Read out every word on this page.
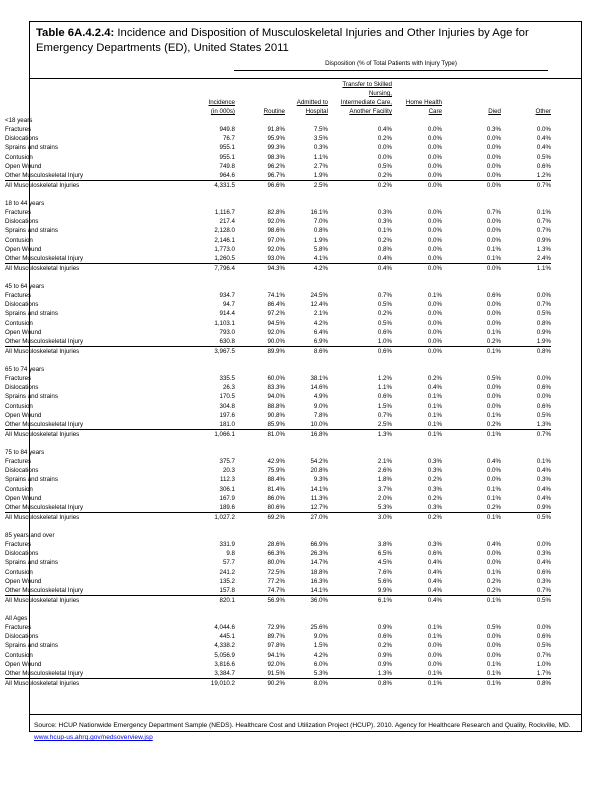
Table 6A.4.2.4: Incidence and Disposition of Musculoskeletal Injuries and Other Injuries by Age for Emergency Departments (ED), United States 2011
Disposition (% of Total Patients with Injury Type)
	Incidence
(in 000s)	Routine	Admitted to
Hospital	Transfer to Skilled
Nursing,
Intermediate Care,
Another Facility	Home Health
Care	Died	Other
<18 years							
Fractures	949.8	91.8%	7.5%	0.4%	0.0%	0.3%	0.0%
Dislocations	76.7	95.9%	3.5%	0.2%	0.0%	0.0%	0.4%
Sprains and strains	955.1	99.3%	0.3%	0.0%	0.0%	0.0%	0.4%
Contusion	955.1	98.3%	1.1%	0.0%	0.0%	0.0%	0.5%
Open Wound	749.8	96.2%	2.7%	0.5%	0.0%	0.0%	0.6%
Other Musculoskeletal Injury	964.6	96.7%	1.9%	0.2%	0.0%	0.0%	1.2%
All Musculoskeletal Injuries	4,331.5	96.6%	2.5%	0.2%	0.0%	0.0%	0.7%

18 to 44 years							
Fractures	1,116.7	82.8%	16.1%	0.3%	0.0%	0.7%	0.1%
Dislocations	217.4	92.0%	7.0%	0.3%	0.0%	0.0%	0.7%
Sprains and strains	2,128.0	98.6%	0.8%	0.1%	0.0%	0.0%	0.7%
Contusion	2,146.1	97.0%	1.9%	0.2%	0.0%	0.0%	0.9%
Open Wound	1,773.0	92.0%	5.8%	0.8%	0.0%	0.1%	1.3%
Other Musculoskeletal Injury	1,260.5	93.0%	4.1%	0.4%	0.0%	0.1%	2.4%
All Musculoskeletal Injuries	7,796.4	94.3%	4.2%	0.4%	0.0%	0.0%	1.1%

45 to 64 years							
Fractures	934.7	74.1%	24.5%	0.7%	0.1%	0.6%	0.0%
Dislocations	94.7	86.4%	12.4%	0.5%	0.0%	0.0%	0.7%
Sprains and strains	914.4	97.2%	2.1%	0.2%	0.0%	0.0%	0.5%
Contusion	1,103.1	94.5%	4.2%	0.5%	0.0%	0.0%	0.8%
Open Wound	793.0	92.0%	6.4%	0.6%	0.0%	0.1%	0.9%
Other Musculoskeletal Injury	630.8	90.0%	6.9%	1.0%	0.0%	0.2%	1.9%
All Musculoskeletal Injuries	3,967.5	89.9%	8.6%	0.6%	0.0%	0.1%	0.8%

65 to 74 years							
Fractures	335.5	60.0%	38.1%	1.2%	0.2%	0.5%	0.0%
Dislocations	26.3	83.3%	14.6%	1.1%	0.4%	0.0%	0.6%
Sprains and strains	170.5	94.0%	4.9%	0.6%	0.1%	0.0%	0.0%
Contusion	304.8	88.8%	9.0%	1.5%	0.1%	0.0%	0.6%
Open Wound	197.6	90.8%	7.8%	0.7%	0.1%	0.1%	0.5%
Other Musculoskeletal Injury	181.0	85.9%	10.0%	2.5%	0.1%	0.2%	1.3%
All Musculoskeletal Injuries	1,066.1	81.0%	16.8%	1.3%	0.1%	0.1%	0.7%

75 to 84 years							
Fractures	375.7	42.9%	54.2%	2.1%	0.3%	0.4%	0.1%
Dislocations	20.3	75.9%	20.8%	2.6%	0.3%	0.0%	0.4%
Sprains and strains	112.3	88.4%	9.3%	1.8%	0.2%	0.0%	0.3%
Contusion	306.1	81.4%	14.1%	3.7%	0.3%	0.1%	0.4%
Open Wound	167.9	86.0%	11.3%	2.0%	0.2%	0.1%	0.4%
Other Musculoskeletal Injury	189.6	80.6%	12.7%	5.3%	0.3%	0.2%	0.9%
All Musculoskeletal Injuries	1,027.2	69.2%	27.0%	3.0%	0.2%	0.1%	0.5%

85 years and over							
Fractures	331.9	28.6%	66.9%	3.8%	0.3%	0.4%	0.0%
Dislocations	9.8	66.3%	26.3%	6.5%	0.6%	0.0%	0.3%
Sprains and strains	57.7	80.0%	14.7%	4.5%	0.4%	0.0%	0.4%
Contusion	241.2	72.5%	18.8%	7.6%	0.4%	0.1%	0.6%
Open Wound	135.2	77.2%	16.3%	5.6%	0.4%	0.2%	0.3%
Other Musculoskeletal Injury	157.8	74.7%	14.1%	9.9%	0.4%	0.2%	0.7%
All Musculoskeletal Injuries	820.1	56.9%	36.0%	6.1%	0.4%	0.1%	0.5%

All Ages							
Fractures	4,044.6	72.9%	25.6%	0.9%	0.1%	0.5%	0.0%
Dislocations	445.1	89.7%	9.0%	0.6%	0.1%	0.0%	0.6%
Sprains and strains	4,338.2	97.8%	1.5%	0.2%	0.0%	0.0%	0.5%
Contusion	5,056.9	94.1%	4.2%	0.9%	0.0%	0.0%	0.7%
Open Wound	3,816.6	92.0%	6.0%	0.9%	0.0%	0.1%	1.0%
Other Musculoskeletal Injury	3,384.7	91.5%	5.3%	1.3%	0.1%	0.1%	1.7%
All Musculoskeletal Injuries	19,010.2	90.2%	8.0%	0.8%	0.1%	0.1%	0.8%
Source: HCUP Nationwide Emergency Department Sample (NEDS). Healthcare Cost and Utilization Project (HCUP). 2010. Agency for Healthcare Research and Quality, Rockville, MD. www.hcup-us.ahrq.gov/nedsoverview.jsp
